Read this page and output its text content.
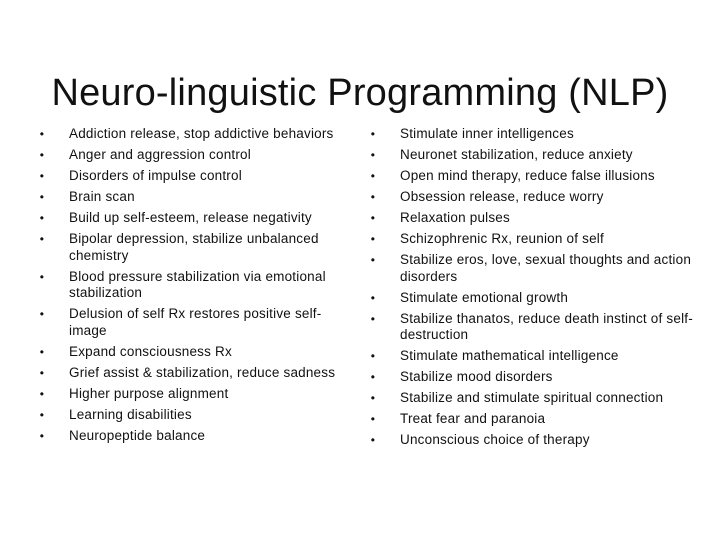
Neuro-linguistic Programming (NLP)
•	Addiction release, stop addictive behaviors
•	Anger and aggression control
•	Disorders of impulse control
•	Brain scan
•	Build up self-esteem, release negativity
•	Bipolar depression, stabilize unbalanced chemistry
•	Blood pressure stabilization via emotional stabilization
•	Delusion of self Rx restores positive self-image
•	Expand consciousness Rx
•	Grief assist & stabilization, reduce sadness
•	Higher purpose alignment
•	Learning disabilities
•	Neuropeptide balance
•	Stimulate inner intelligences
•	Neuronet stabilization, reduce anxiety
•	Open mind therapy, reduce false illusions
•	Obsession release, reduce worry
•	Relaxation pulses
•	Schizophrenic Rx, reunion of self
•	Stabilize eros, love, sexual thoughts and action disorders
•	Stimulate emotional growth
•	Stabilize thanatos, reduce death instinct of self-destruction
•	Stimulate mathematical intelligence
•	Stabilize mood disorders
•	Stabilize and stimulate spiritual connection
•	Treat fear and paranoia
•	Unconscious choice of therapy
